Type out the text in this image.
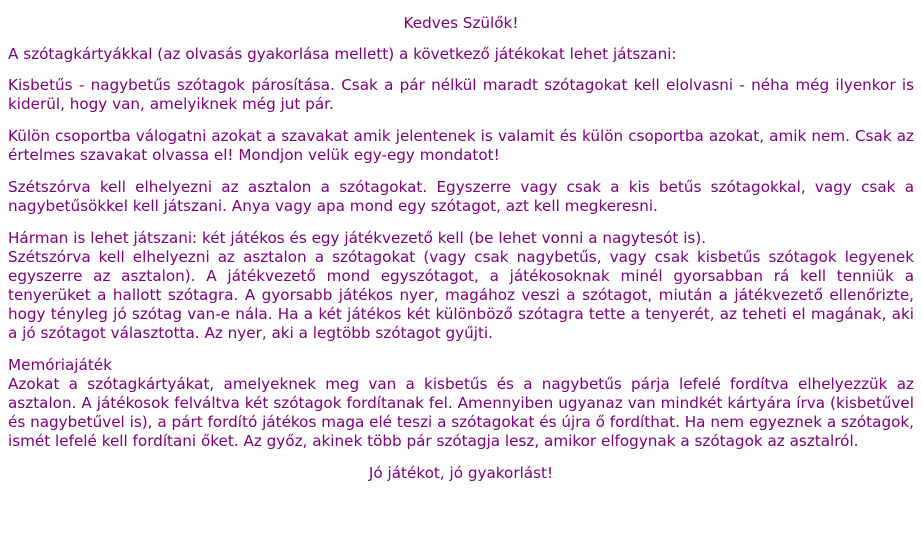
Kedves Szülők!

A szótagkártyákkal (az olvasás gyakorlása mellett) a következő játékokat lehet játszani:

Kisbetűs - nagybetűs szótagok párosítása. Csak a pár nélkül maradt szótagokat kell elolvasni - néha még ilyenkor is kiderül, hogy van, amelyiknek még jut pár.

Külön csoportba válogatni azokat a szavakat amik jelentenek is valamit és külön csoportba azokat, amik nem. Csak az értelmes szavakat olvassa el! Mondjon velük egy-egy mondatot!

Szétszórva kell elhelyezni az asztalon a szótagokat. Egyszerre vagy csak a kis betűs szótagokkal, vagy csak a nagybetűsökkel kell játszani. Anya vagy apa mond egy szótagot, azt kell megkeresni.

Hárman is lehet játszani: két játékos és egy játékvezető kell (be lehet vonni a nagytesót is).

Szétszórva kell elhelyezni az asztalon a szótagokat (vagy csak nagybetűs, vagy csak kisbetűs szótagok legyenek egyszerre az asztalon). A játékvezető mond egyszótagot, a játékosoknak minél gyorsabban rá kell tenniük a tenyerüket a hallott szótagra. A gyorsabb játékos nyer, magához veszi a szótagot, miután a játékvezető ellenőrizte, hogy tényleg jó szótag van-e nála. Ha a két játékos két különböző szótagra tette a tenyerét, az teheti el magának, aki a jó szótagot választotta. Az nyer, aki a legtöbb szótagot gyűjti.

Memóriajáték

Azokat a szótagkártyákat, amelyeknek meg van a kisbetűs és a nagybetűs párja lefelé fordítva elhelyezzük az asztalon. A játékosok felváltva két szótagok fordítanak fel. Amennyiben ugyanaz van mindkét kártyára írva (kisbetűvel és nagybetűvel is), a párt fordító játékos maga elé teszi a szótagokat és újra ő fordíthat. Ha nem egyeznek a szótagok, ismét lefelé kell fordítani őket. Az győz, akinek több pár szótagja lesz, amikor elfogynak a szótagok az asztalról.

Jó játékot, jó gyakorlást!
